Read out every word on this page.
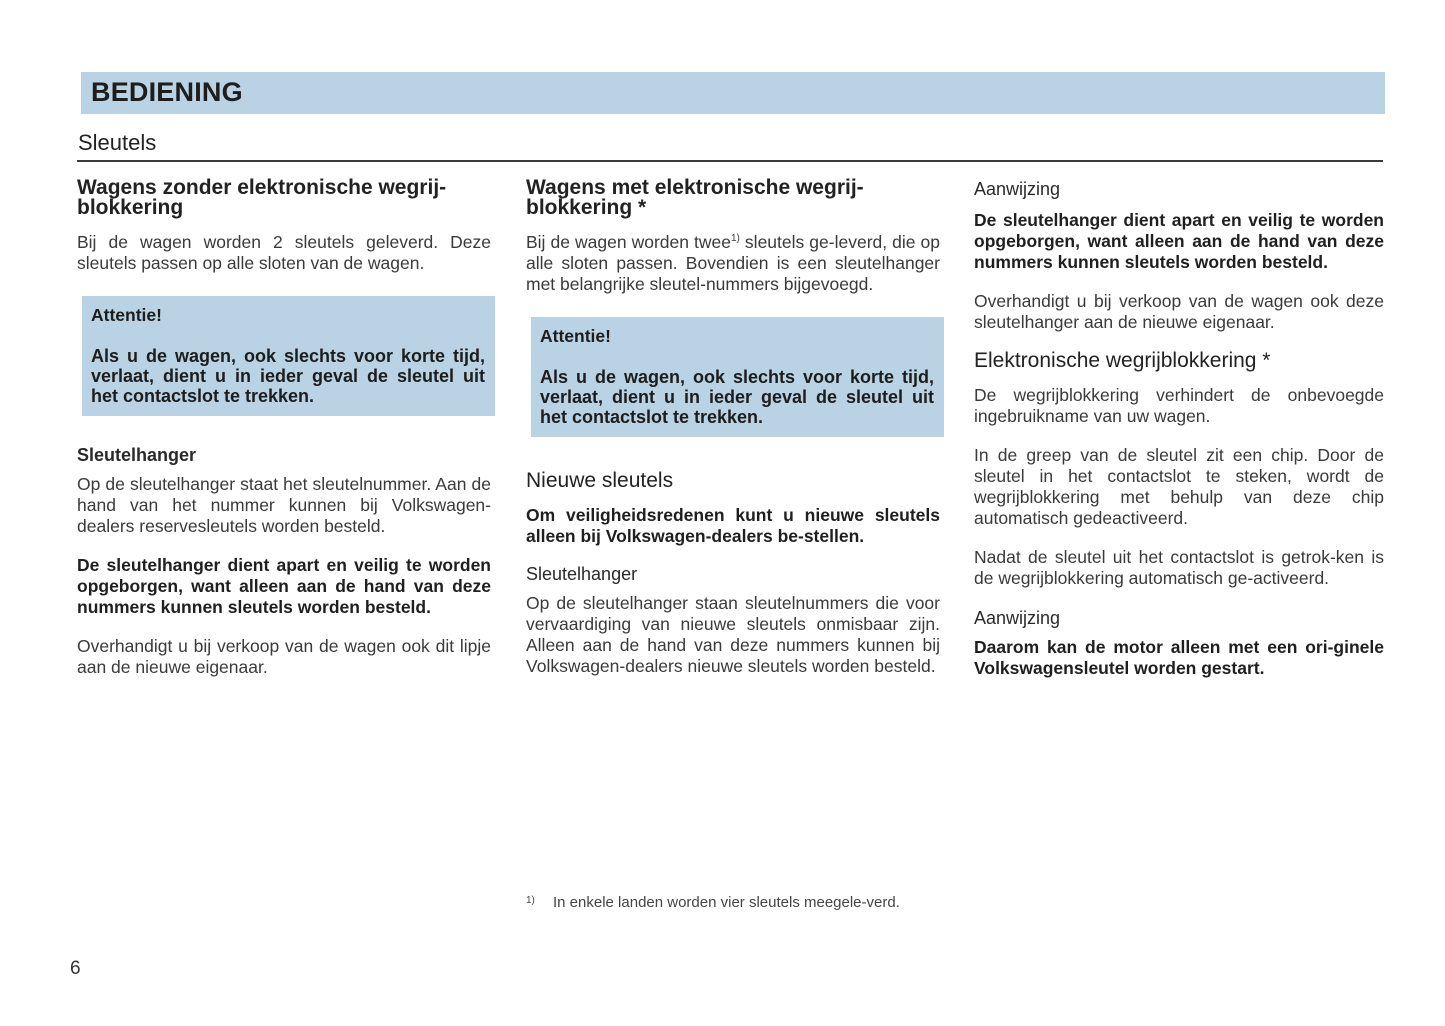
BEDIENING
Sleutels
Wagens zonder elektronische wegrij-blokkering

Bij de wagen worden 2 sleutels geleverd. Deze sleutels passen op alle sloten van de wagen.

Attentie!

Als u de wagen, ook slechts voor korte tijd, verlaat, dient u in ieder geval de sleutel uit het contactslot te trekken.

Sleutelhanger

Op de sleutelhanger staat het sleutelnummer. Aan de hand van het nummer kunnen bij Volkswagen-dealers reservesleutels worden besteld.

De sleutelhanger dient apart en veilig te worden opgeborgen, want alleen aan de hand van deze nummers kunnen sleutels worden besteld.

Overhandigt u bij verkoop van de wagen ook dit lipje aan de nieuwe eigenaar.

Wagens met elektronische wegrij-blokkering *

Bij de wagen worden twee$^{1)}$ sleutels ge-leverd, die op alle sloten passen. Bovendien is een sleutelhanger met belangrijke sleutel-nummers bijgevoegd.

Attentie!

Als u de wagen, ook slechts voor korte tijd, verlaat, dient u in ieder geval de sleutel uit het contactslot te trekken.

Nieuwe sleutels

Om veiligheidsredenen kunt u nieuwe sleutels alleen bij Volkswagen-dealers be-stellen.

Sleutelhanger

Op de sleutelhanger staan sleutelnummers die voor vervaardiging van nieuwe sleutels onmisbaar zijn. Alleen aan de hand van deze nummers kunnen bij Volkswagen-dealers nieuwe sleutels worden besteld.

Aanwijzing

De sleutelhanger dient apart en veilig te worden opgeborgen, want alleen aan de hand van deze nummers kunnen sleutels worden besteld.

Overhandigt u bij verkoop van de wagen ook deze sleutelhanger aan de nieuwe eigenaar.

Elektronische wegrijblokkering *

De wegrijblokkering verhindert de onbevoegde ingebruikname van uw wagen.

In de greep van de sleutel zit een chip. Door de sleutel in het contactslot te steken, wordt de wegrijblokkering met behulp van deze chip automatisch gedeactiveerd.

Nadat de sleutel uit het contactslot is getrok-ken is de wegrijblokkering automatisch ge-activeerd.

Aanwijzing

Daarom kan de motor alleen met een ori-ginele Volkswagensleutel worden gestart.

1) In enkele landen worden vier sleutels meegele-verd.
6
